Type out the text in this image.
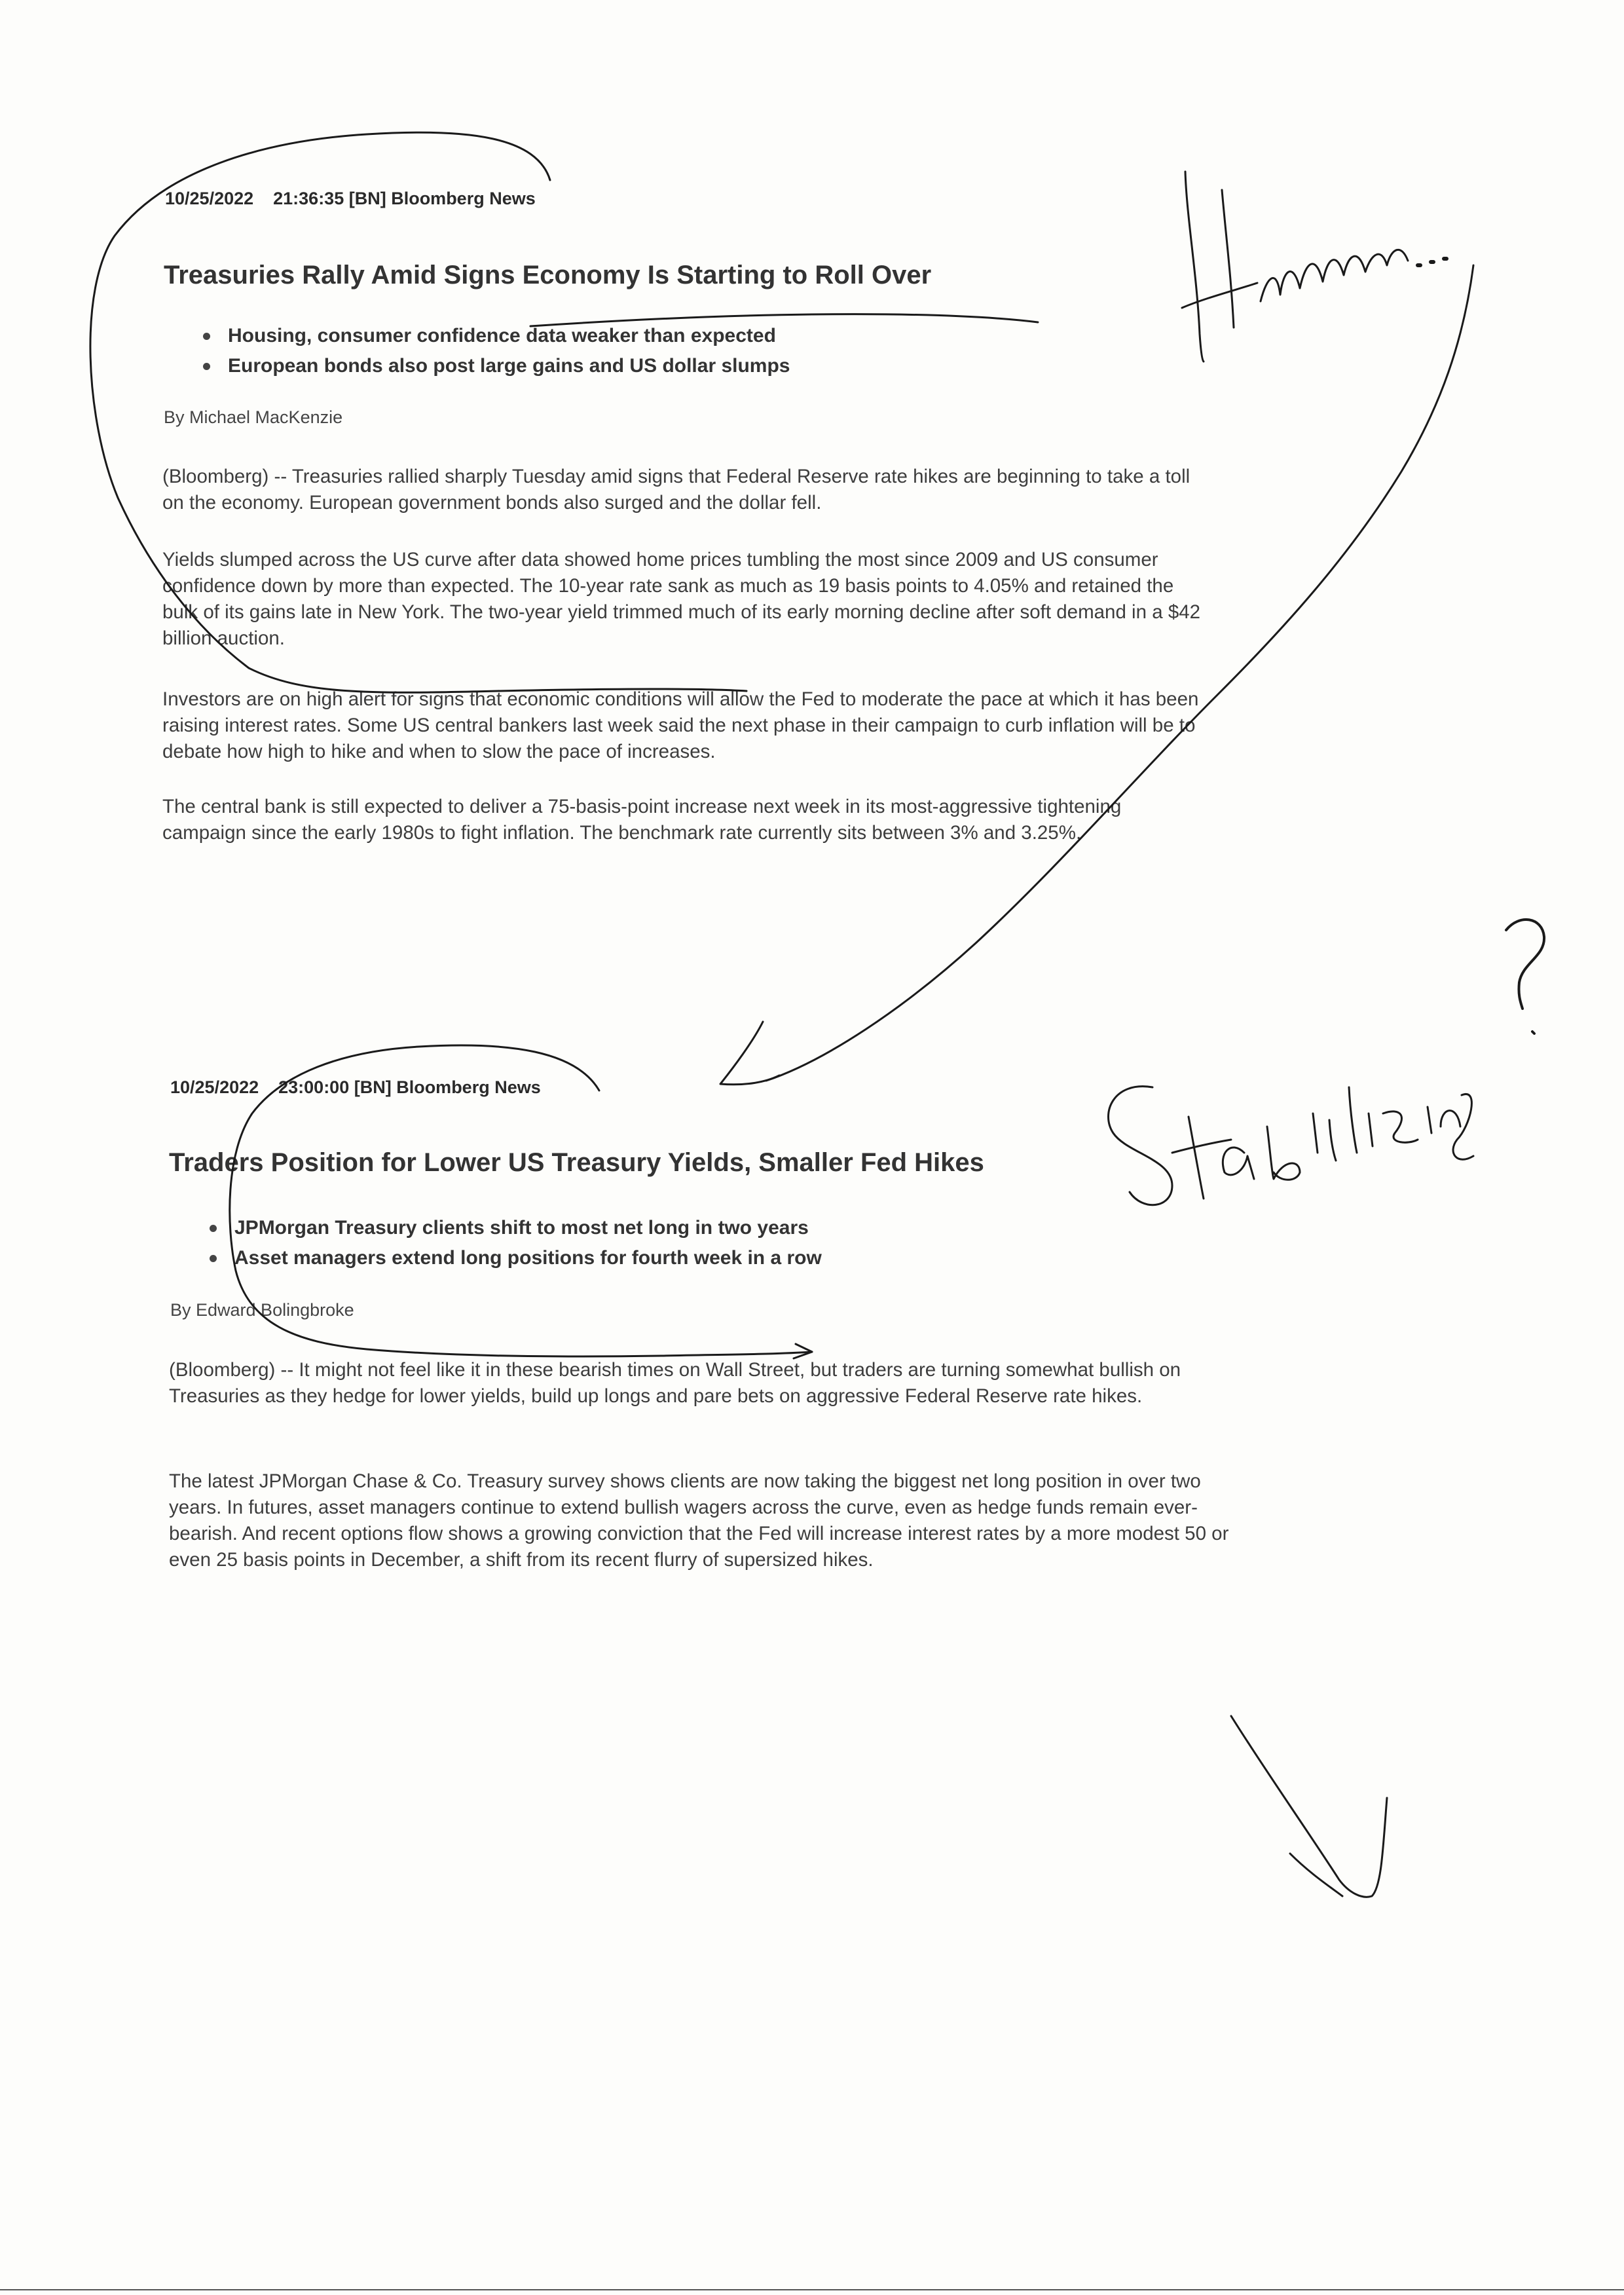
10/25/2022    21:36:35 [BN] Bloomberg News
Treasuries Rally Amid Signs Economy Is Starting to Roll Over
Housing, consumer confidence data weaker than expected
European bonds also post large gains and US dollar slumps
By Michael MacKenzie

(Bloomberg) -- Treasuries rallied sharply Tuesday amid signs that Federal Reserve rate hikes are beginning to take a toll on the economy. European government bonds also surged and the dollar fell.

Yields slumped across the US curve after data showed home prices tumbling the most since 2009 and US consumer confidence down by more than expected. The 10-year rate sank as much as 19 basis points to 4.05% and retained the bulk of its gains late in New York. The two-year yield trimmed much of its early morning decline after soft demand in a $42 billion auction.

Investors are on high alert for signs that economic conditions will allow the Fed to moderate the pace at which it has been raising interest rates. Some US central bankers last week said the next phase in their campaign to curb inflation will be to debate how high to hike and when to slow the pace of increases.

The central bank is still expected to deliver a 75-basis-point increase next week in its most-aggressive tightening campaign since the early 1980s to fight inflation. The benchmark rate currently sits between 3% and 3.25%.

10/25/2022    23:00:00 [BN] Bloomberg News
Traders Position for Lower US Treasury Yields, Smaller Fed Hikes
JPMorgan Treasury clients shift to most net long in two years
Asset managers extend long positions for fourth week in a row
By Edward Bolingbroke

(Bloomberg) -- It might not feel like it in these bearish times on Wall Street, but traders are turning somewhat bullish on Treasuries as they hedge for lower yields, build up longs and pare bets on aggressive Federal Reserve rate hikes.

The latest JPMorgan Chase & Co. Treasury survey shows clients are now taking the biggest net long position in over two years. In futures, asset managers continue to extend bullish wagers across the curve, even as hedge funds remain ever-bearish. And recent options flow shows a growing conviction that the Fed will increase interest rates by a more modest 50 or even 25 basis points in December, a shift from its recent flurry of supersized hikes.
